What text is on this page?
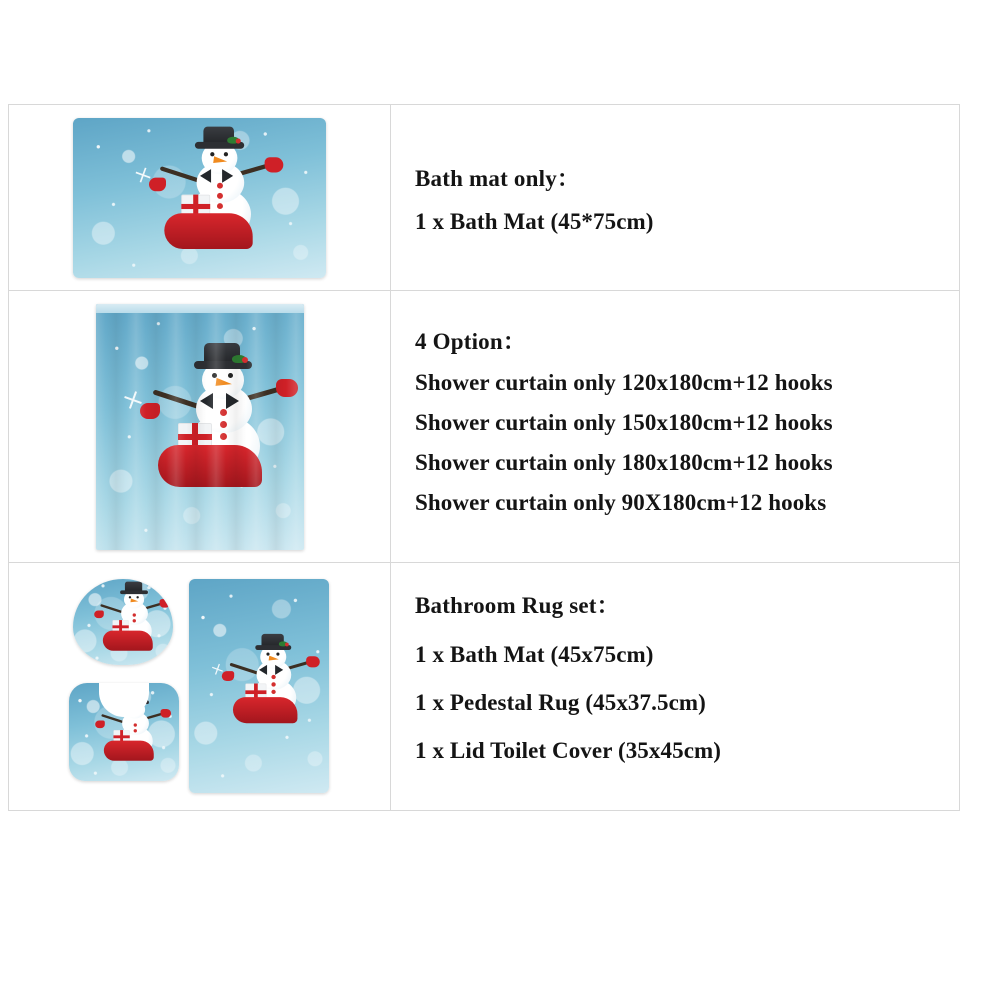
Bath mat only：
1 x Bath Mat (45*75cm)
4 Option：
Shower curtain only 120x180cm+12 hooks
Shower curtain only 150x180cm+12 hooks
Shower curtain only 180x180cm+12 hooks
Shower curtain only 90X180cm+12 hooks
Bathroom Rug set：
1 x Bath Mat (45x75cm)
1 x Pedestal Rug (45x37.5cm)
1 x Lid Toilet Cover (35x45cm)
